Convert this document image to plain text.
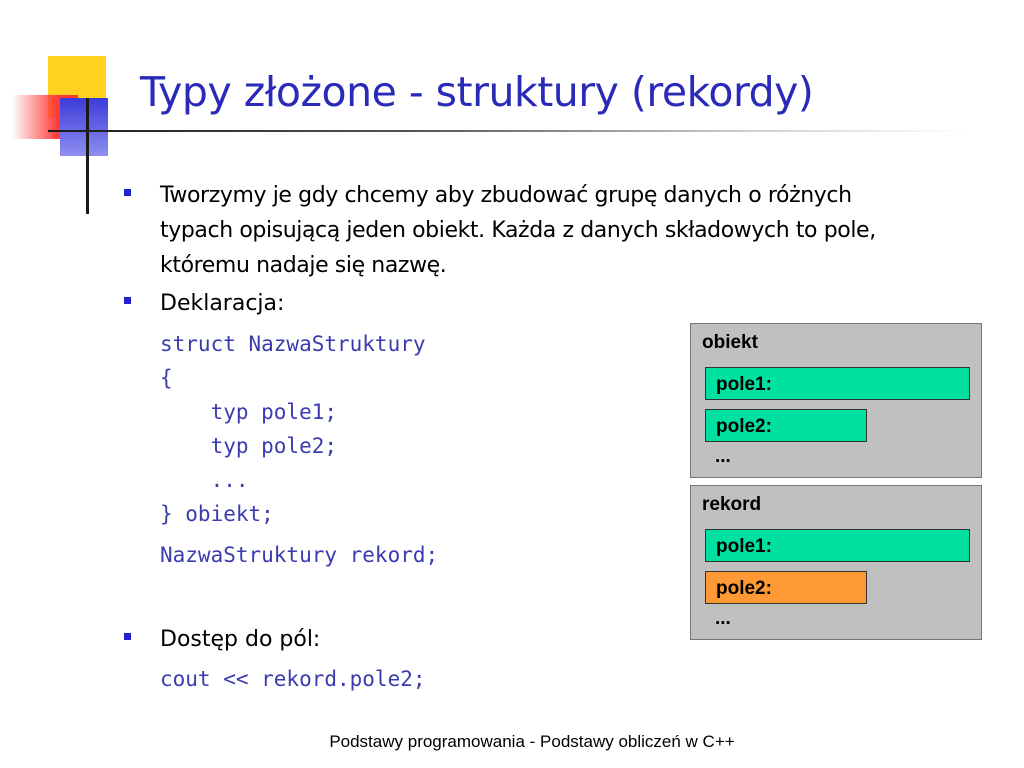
Typy złożone - struktury (rekordy)
Tworzymy je gdy chcemy aby zbudować grupę danych o różnych typach opisującą jeden obiekt. Każda z danych składowych to pole, któremu nadaje się nazwę.
Deklaracja:
struct NazwaStruktury
{
typ pole1;
typ pole2;
...
} obiekt;
NazwaStruktury rekord;
Dostęp do pól:
cout << rekord.pole2;
obiekt
pole1:
pole2:
...
rekord
pole1:
pole2:
...
Podstawy programowania - Podstawy obliczeń w C++
